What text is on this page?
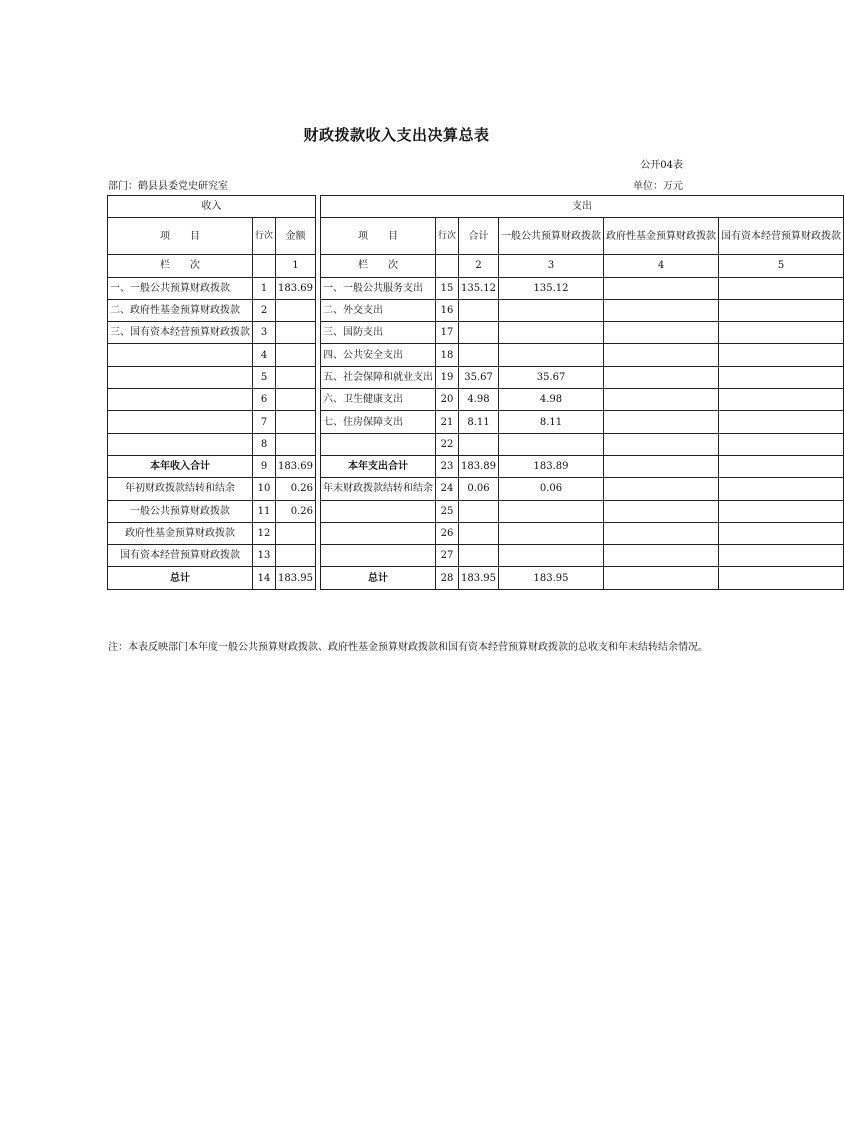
财政拨款收入支出决算总表
公开04表
部门：鹤县县委党史研究室	单位：万元
收入				支出					
项　　目	行次	金额		项　　目	行次	合计	一般公共预算财政拨款	政府性基金预算财政拨款	国有资本经营预算财政拨款
栏　　次		1		栏　　次		2	3	4	5
一、一般公共预算财政拨款	1	183.69		一、一般公共服务支出	15	135.12	135.12		
二、政府性基金预算财政拨款	2			二、外交支出	16				
三、国有资本经营预算财政拨款	3			三、国防支出	17				
	4			四、公共安全支出	18				
	5			五、社会保障和就业支出	19	35.67	35.67		
	6			六、卫生健康支出	20	4.98	4.98		
	7			七、住房保障支出	21	8.11	8.11		
	8				22				
本年收入合计	9	183.69		本年支出合计	23	183.89	183.89		
年初财政拨款结转和结余	10	0.26		年末财政拨款结转和结余	24	0.06	0.06		
一般公共预算财政拨款	11	0.26			25				
政府性基金预算财政拨款	12				26				
国有资本经营预算财政拨款	13				27				
总计	14	183.95		总计	28	183.95	183.95		
注：本表反映部门本年度一般公共预算财政拨款、政府性基金预算财政拨款和国有资本经营预算财政拨款的总收支和年末结转结余情况。
